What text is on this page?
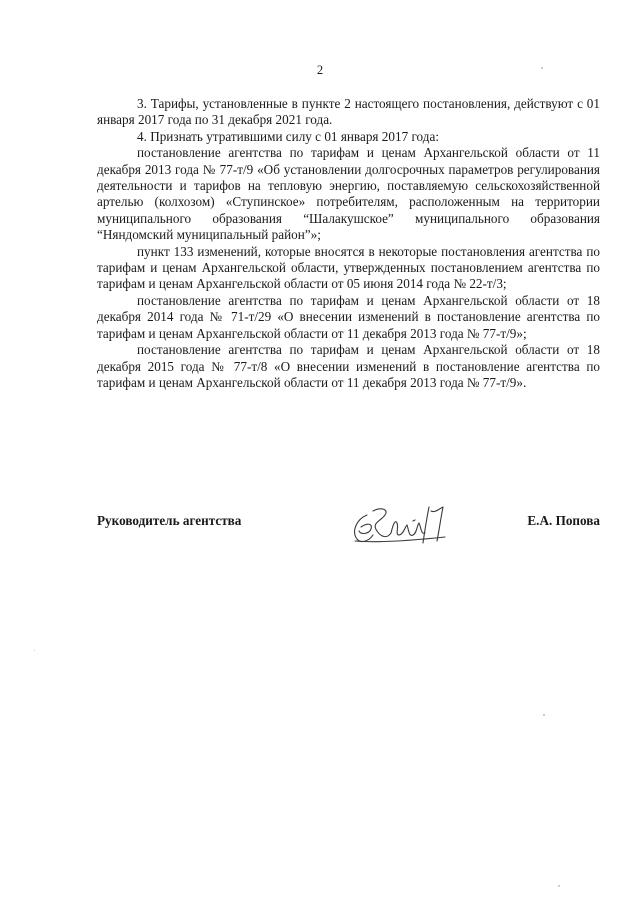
2

3. Тарифы, установленные в пункте 2 настоящего постановления, действуют с 01 января 2017 года по 31 декабря 2021 года.

4. Признать утратившими силу с 01 января 2017 года:

постановление агентства по тарифам и ценам Архангельской области от 11 декабря 2013 года № 77-т/9 «Об установлении долгосрочных параметров регулирования деятельности и тарифов на тепловую энергию, поставляемую сельскохозяйственной артелью (колхозом) «Ступинское» потребителям, расположенным на территории муниципального образования “Шалакушское” муниципального образования “Няндомский муниципальный район”»;

пункт 133 изменений, которые вносятся в некоторые постановления агентства по тарифам и ценам Архангельской области, утвержденных постановлением агентства по тарифам и ценам Архангельской области от 05 июня 2014 года № 22-т/3;

постановление агентства по тарифам и ценам Архангельской области от 18 декабря 2014 года № 71-т/29 «О внесении изменений в постановление агентства по тарифам и ценам Архангельской области от 11 декабря 2013 года № 77-т/9»;

постановление агентства по тарифам и ценам Архангельской области от 18 декабря 2015 года № 77-т/8 «О внесении изменений в постановление агентства по тарифам и ценам Архангельской области от 11 декабря 2013 года № 77-т/9».

Руководитель агентства	Е.А. Попова
